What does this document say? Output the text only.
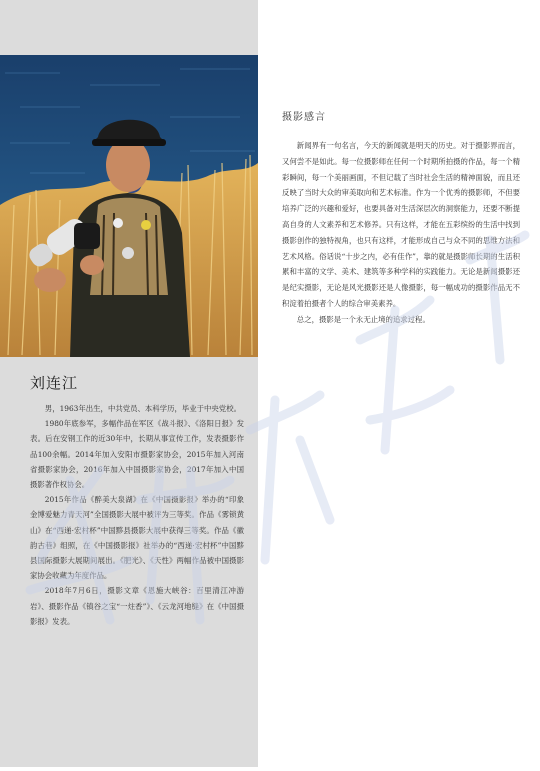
刘连江

男，1963年出生，中共党员、本科学历，毕业于中央党校。

1980年底参军，多幅作品在军区《战斗报》、《洛阳日报》发表。后在安钢工作的近30年中，长期从事宣传工作，发表摄影作品100余幅。2014年加入安阳市摄影家协会，2015年加入河南省摄影家协会，2016年加入中国摄影家协会，2017年加入中国摄影著作权协会。

2015年作品《醉美大泉湖》在《中国摄影报》举办的“印象金博爱魅力青天河”全国摄影大展中被评为三等奖。作品《雾锁黄山》在“西递·宏村杯”中国黟县摄影大展中获得三等奖。作品《徽韵古巷》组照，在《中国摄影报》社举办的“西递·宏村杯”中国黟县国际摄影大展期间展出。《肥光》、《天性》两幅作品被中国摄影家协会收藏为年度作品。

2018年7月6日，摄影文章《恩施大峡谷：百里清江冲游岩》、摄影作品《镇谷之宝“一炷香”》、《云龙河地缝》在《中国摄影报》发表。

摄影感言

新闻界有一句名言，今天的新闻就是明天的历史。对于摄影界而言，又何尝不是如此。每一位摄影师在任何一个时期所拍摄的作品，每一个精彩瞬间，每一个美丽画面，不但记载了当时社会生活的精神面貌，而且还反映了当时大众的审美取向和艺术标准。作为一个优秀的摄影师，不但要培养广泛的兴趣和爱好，也要具备对生活深层次的洞察能力，还要不断提高自身的人文素养和艺术修养。只有这样，才能在五彩缤纷的生活中找到摄影创作的独特视角，也只有这样，才能形成自己与众不同的思维方法和艺术风格。俗话说“十步之内，必有佳作”，靠的就是摄影师长期的生活积累和丰富的文学、美术、建筑等多种学科的实践能力。无论是新闻摄影还是纪实摄影，无论是风光摄影还是人像摄影，每一幅成功的摄影作品无不积淀着拍摄者个人的综合审美素养。

总之，摄影是一个永无止境的追求过程。
